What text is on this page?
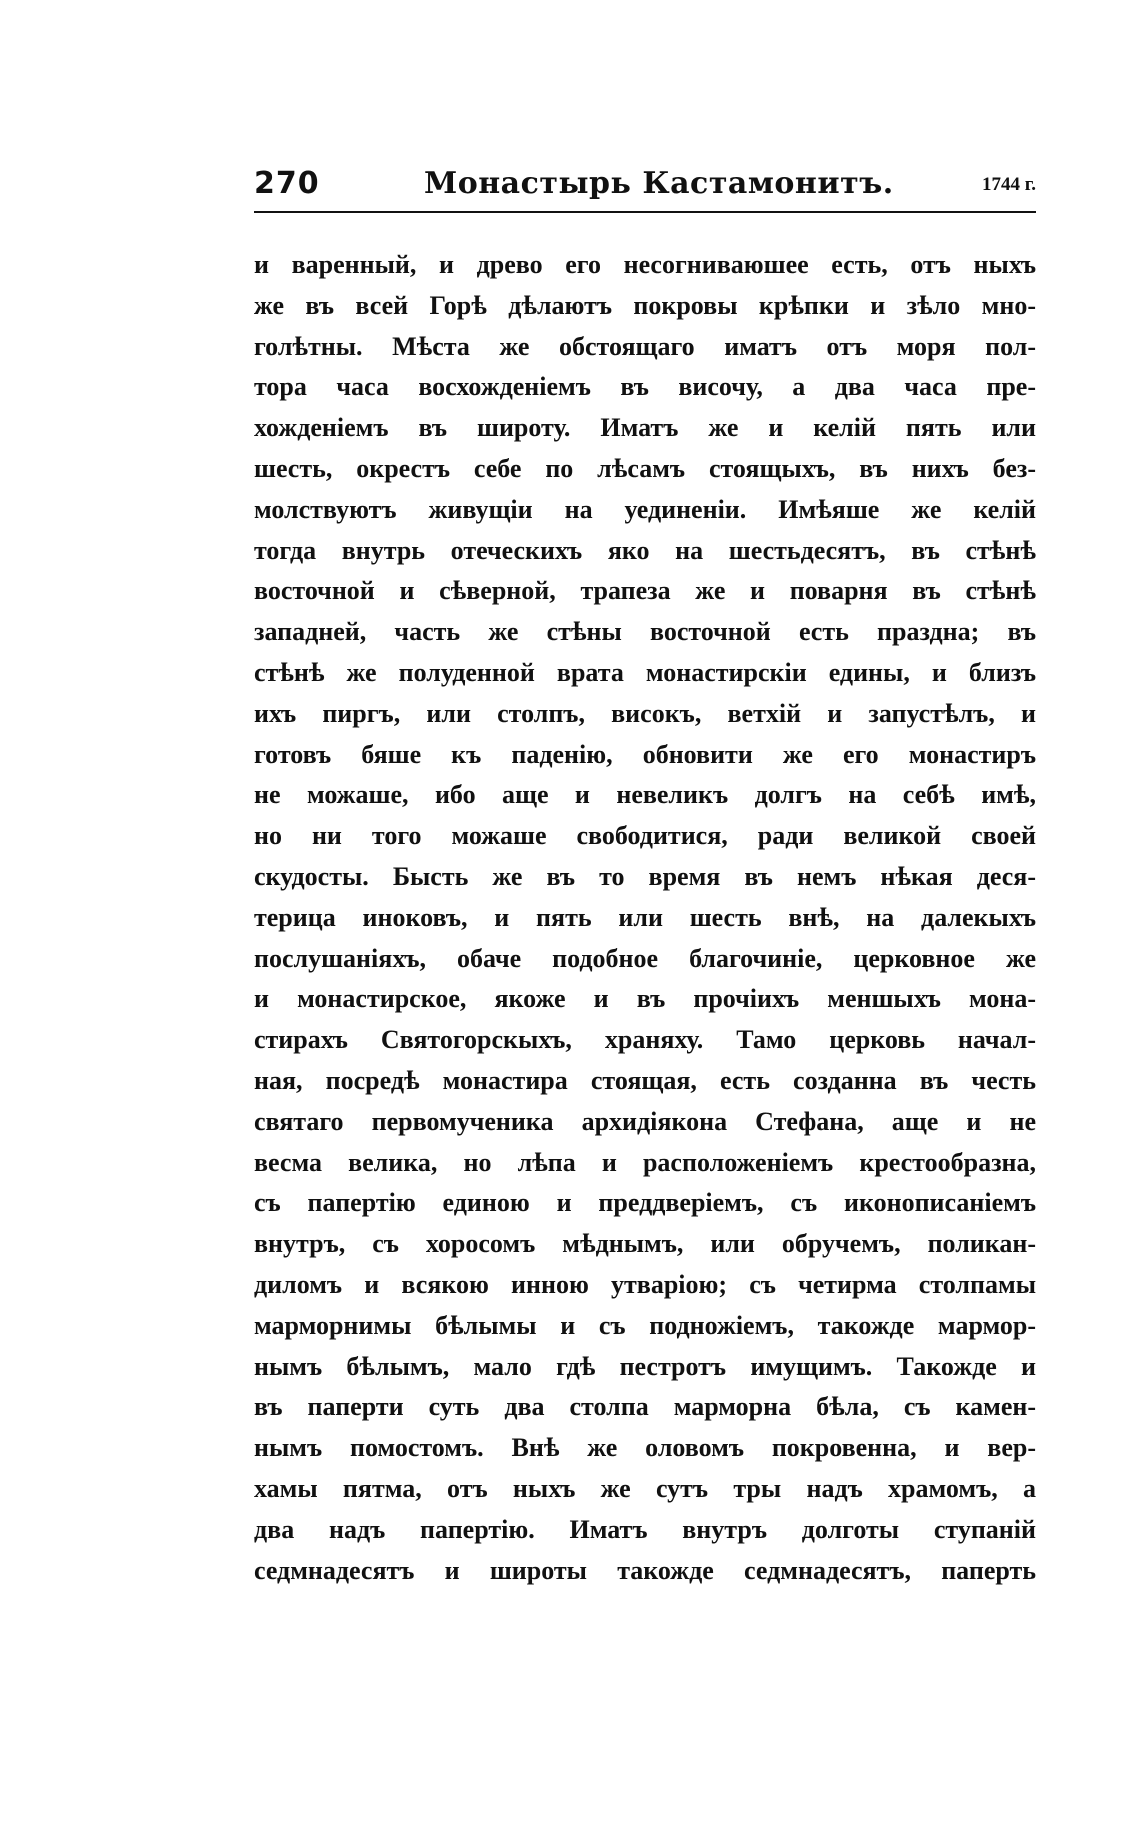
270	Монастырь Кастамонитъ.	1744 г.
и варенный, и древо его несогниваюшее есть, отъ ныхъ
же въ всей Горѣ дѣлаютъ покровы крѣпки и зѣло мно-
голѣтны. Мѣста же обстоящаго иматъ отъ моря пол-
тора часа восхожденіемъ въ височу, а два часа пре-
хожденіемъ въ широту. Иматъ же и келій пять или
шесть, окрестъ себе по лѣсамъ стоящыхъ, въ нихъ без-
молствуютъ живущіи на уединеніи. Имѣяше же келій
тогда внутрь отеческихъ яко на шестьдесятъ, въ стѣнѣ
восточной и сѣверной, трапеза же и поварня въ стѣнѣ
западней, часть же стѣны восточной есть праздна; въ
стѣнѣ же полуденной врата монастирскіи едины, и близъ
ихъ пиргъ, или столпъ, високъ, ветхій и запустѣлъ, и
готовъ бяше къ паденію, обновити же его монастиръ
не можаше, ибо аще и невеликъ долгъ на себѣ имѣ,
но ни того можаше свободитися, ради великой своей
скудосты. Бысть же въ то время въ немъ нѣкая деся-
терица иноковъ, и пять или шесть внѣ, на далекыхъ
послушаніяхъ, обаче подобное благочиніе, церковное же
и монастирское, якоже и въ прочіихъ меншыхъ мона-
стирахъ Святогорскыхъ, храняху. Тамо церковь начал-
ная, посредѣ монастира стоящая, есть созданна въ честь
святаго первомученика архидіякона Стефана, аще и не
весма велика, но лѣпа и расположеніемъ крестообразна,
съ папертію единою и преддверіемъ, съ иконописаніемъ
внутръ, съ хоросомъ мѣднымъ, или обручемъ, поликан-
диломъ и всякою инною утваріою; съ четирма столпамы
марморнимы бѣлымы и съ подножіемъ, такожде мармор-
нымъ бѣлымъ, мало гдѣ пестротъ имущимъ. Такожде и
въ паперти суть два столпа марморна бѣла, съ камен-
нымъ помостомъ. Внѣ же оловомъ покровенна, и вер-
хамы пятма, отъ ныхъ же сутъ тры надъ храмомъ, а
два надъ папертію. Иматъ внутръ долготы ступаній
седмнадесятъ и широты такожде седмнадесятъ, паперть
